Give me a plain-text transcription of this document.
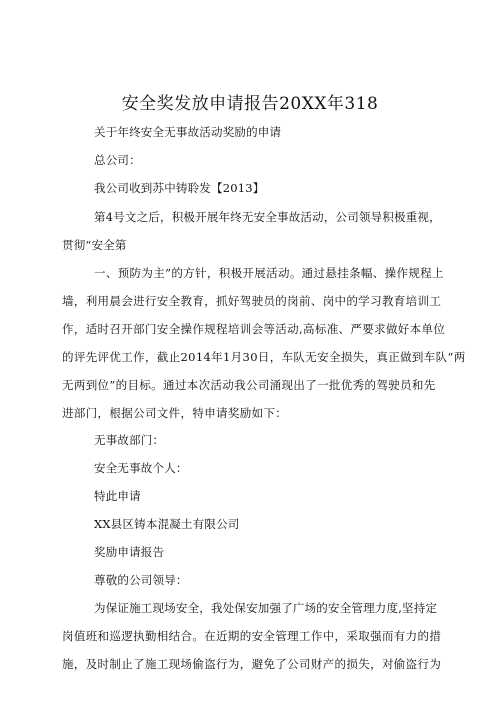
安全奖发放申请报告20XX年318
关于年终安全无事故活动奖励的申请
总公司：
我公司收到苏中铸聆发【2013】
第4号文之后，积极开展年终无安全事故活动，公司领导积极重视，
贯彻“安全第
一、预防为主”的方针，积极开展活动。通过悬挂条幅、操作规程上
墙，利用晨会进行安全教育，抓好驾驶员的岗前、岗中的学习教育培训工
作，适时召开部门安全操作规程培训会等活动,高标准、严要求做好本单位
的评先评优工作，截止2014年1月30日，车队无安全损失，真正做到车队“两
无两到位”的目标。通过本次活动我公司涌现出了一批优秀的驾驶员和先
进部门，根据公司文件，特申请奖励如下：
无事故部门：
安全无事故个人：
特此申请
XX县区铸本混凝土有限公司
奖励申请报告
尊敬的公司领导：
为保证施工现场安全，我处保安加强了广场的安全管理力度,坚持定
岗值班和巡逻执勤相结合。在近期的安全管理工作中，采取强而有力的措
施，及时制止了施工现场偷盗行为，避免了公司财产的损失，对偷盗行为
